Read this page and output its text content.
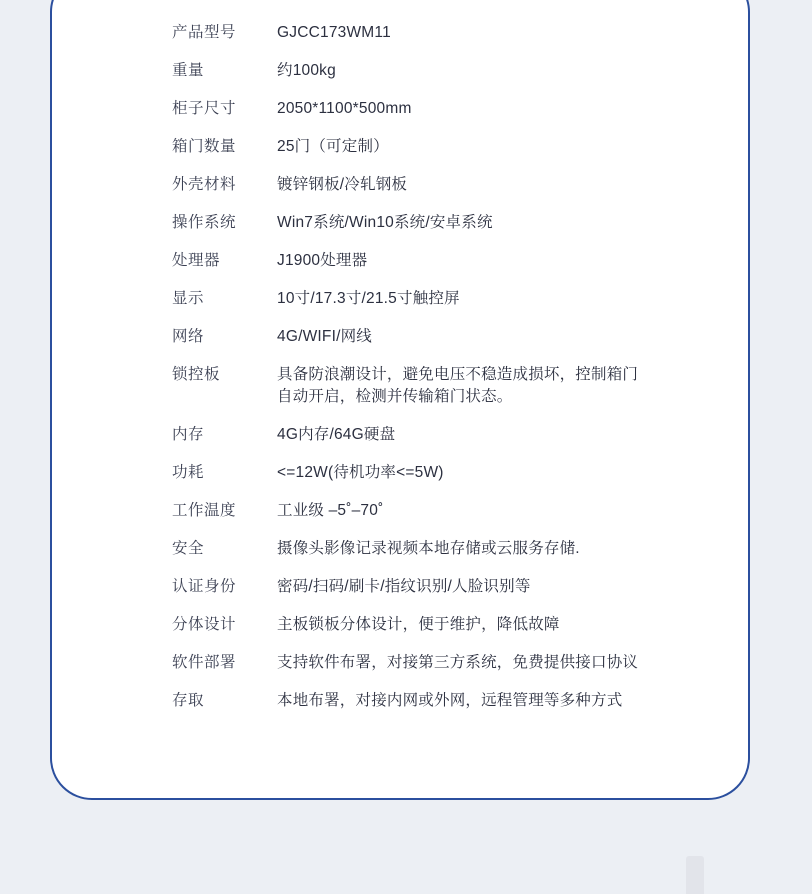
产品型号	GJCC173WM11
重量	约100kg
柜子尺寸	2050*1100*500mm
箱门数量	25门（可定制）
外壳材料	镀锌钢板/冷轧钢板
操作系统	Win7系统/Win10系统/安卓系统
处理器	J1900处理器
显示	10寸/17.3寸/21.5寸触控屏
网络	4G/WIFI/网线
锁控板	具备防浪潮设计，避免电压不稳造成损坏，控制箱门
自动开启，检测并传输箱门状态。
内存	4G内存/64G硬盘
功耗	<=12W(待机功率<=5W)
工作温度	工业级 –5˚–70˚
安全	摄像头影像记录视频本地存储或云服务存储.
认证身份	密码/扫码/刷卡/指纹识别/人脸识别等
分体设计	主板锁板分体设计，便于维护，降低故障
软件部署	支持软件布署，对接第三方系统，免费提供接口协议
存取	本地布署，对接内网或外网，远程管理等多种方式
